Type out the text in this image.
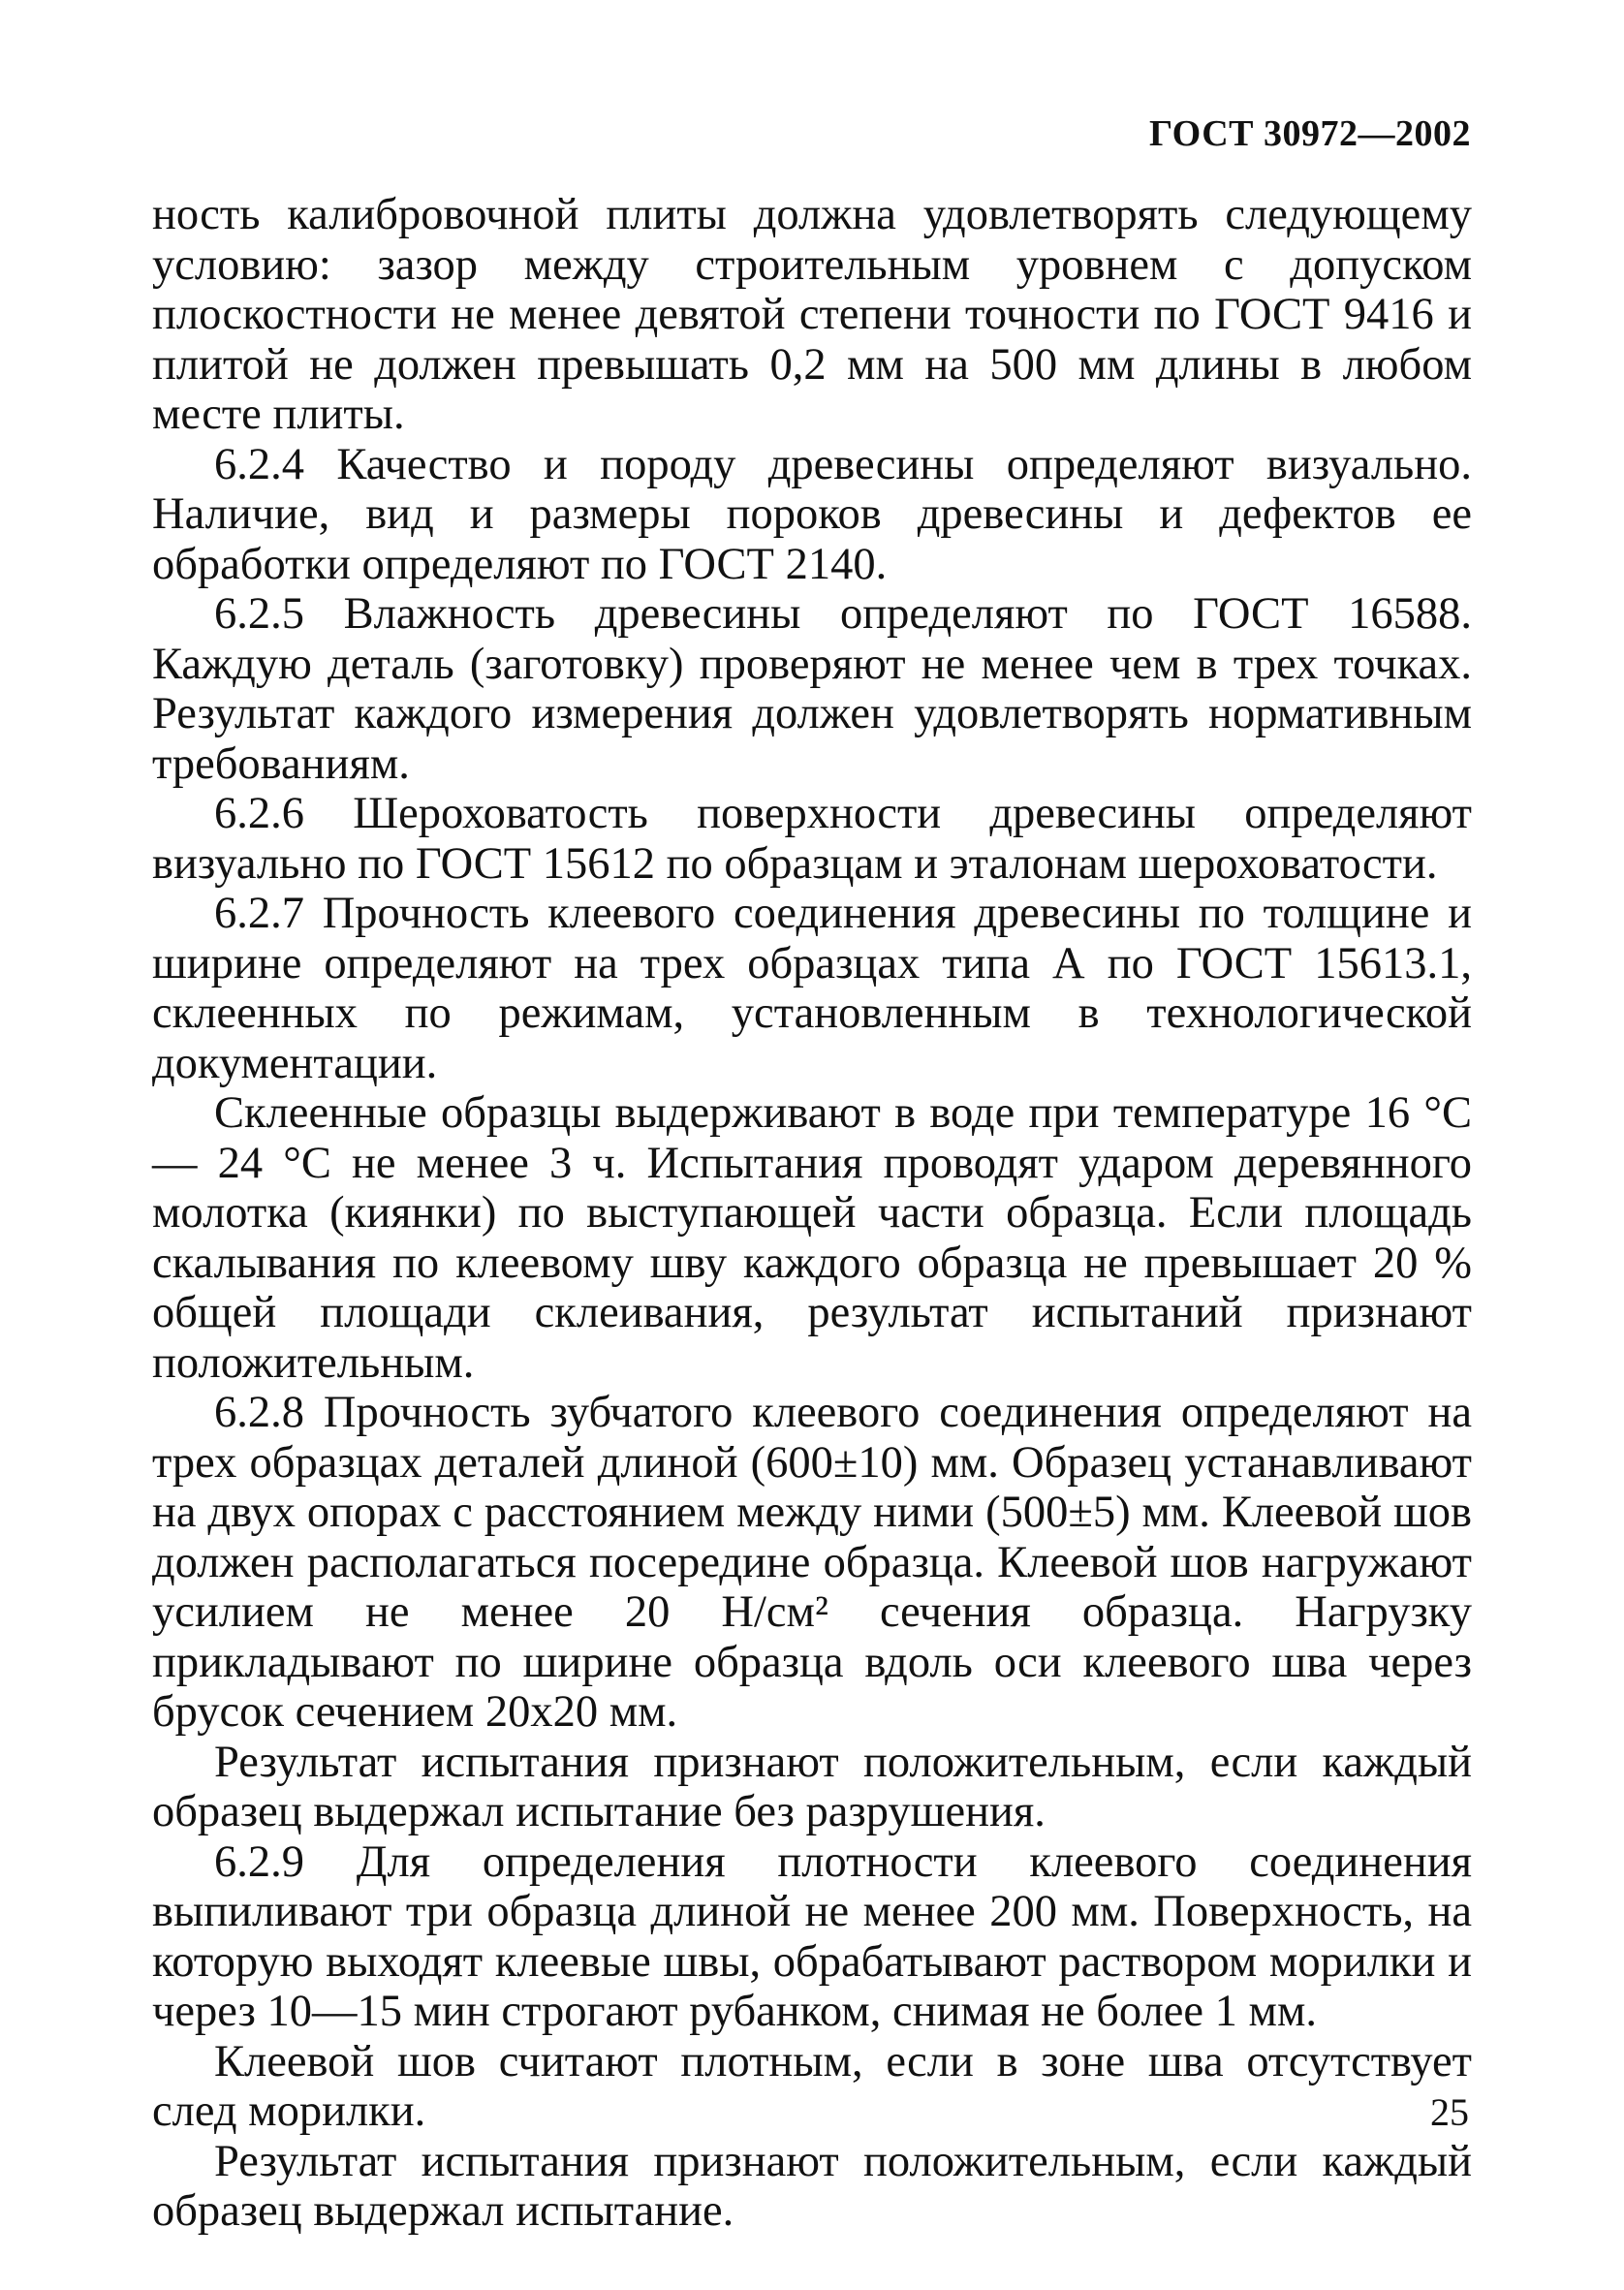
ГОСТ 30972—2002

ность калибровочной плиты должна удовлетворять следующему условию: зазор между строительным уровнем с допуском плоскостности не менее девятой степени точности по ГОСТ 9416 и плитой не должен превышать 0,2 мм на 500 мм длины в любом месте плиты.

6.2.4 Качество и породу древесины определяют визуально. Наличие, вид и размеры пороков древесины и дефектов ее обработки определяют по ГОСТ 2140.

6.2.5 Влажность древесины определяют по ГОСТ 16588. Каждую деталь (заготовку) проверяют не менее чем в трех точках. Результат каждого измерения должен удовлетворять нормативным требованиям.

6.2.6 Шероховатость поверхности древесины определяют визуально по ГОСТ 15612 по образцам и эталонам шероховатости.

6.2.7 Прочность клеевого соединения древесины по толщине и ширине определяют на трех образцах типа А по ГОСТ 15613.1, склеенных по режимам, установленным в технологической документации.

Склеенные образцы выдерживают в воде при температуре 16 °С— 24 °С не менее 3 ч. Испытания проводят ударом деревянного молотка (киянки) по выступающей части образца. Если площадь скалывания по клеевому шву каждого образца не превышает 20 % общей площади склеивания, результат испытаний признают положительным.

6.2.8 Прочность зубчатого клеевого соединения определяют на трех образцах деталей длиной (600±10) мм. Образец устанавливают на двух опорах с расстоянием между ними (500±5) мм. Клеевой шов должен располагаться посередине образца. Клеевой шов нагружают усилием не менее 20 Н/см² сечения образца. Нагрузку прикладывают по ширине образца вдоль оси клеевого шва через брусок сечением 20х20 мм.

Результат испытания признают положительным, если каждый образец выдержал испытание без разрушения.

6.2.9 Для определения плотности клеевого соединения выпиливают три образца длиной не менее 200 мм. Поверхность, на которую выходят клеевые швы, обрабатывают раствором морилки и через 10—15 мин строгают рубанком, снимая не более 1 мм.

Клеевой шов считают плотным, если в зоне шва отсутствует след морилки.

Результат испытания признают положительным, если каждый образец выдержал испытание.

25
